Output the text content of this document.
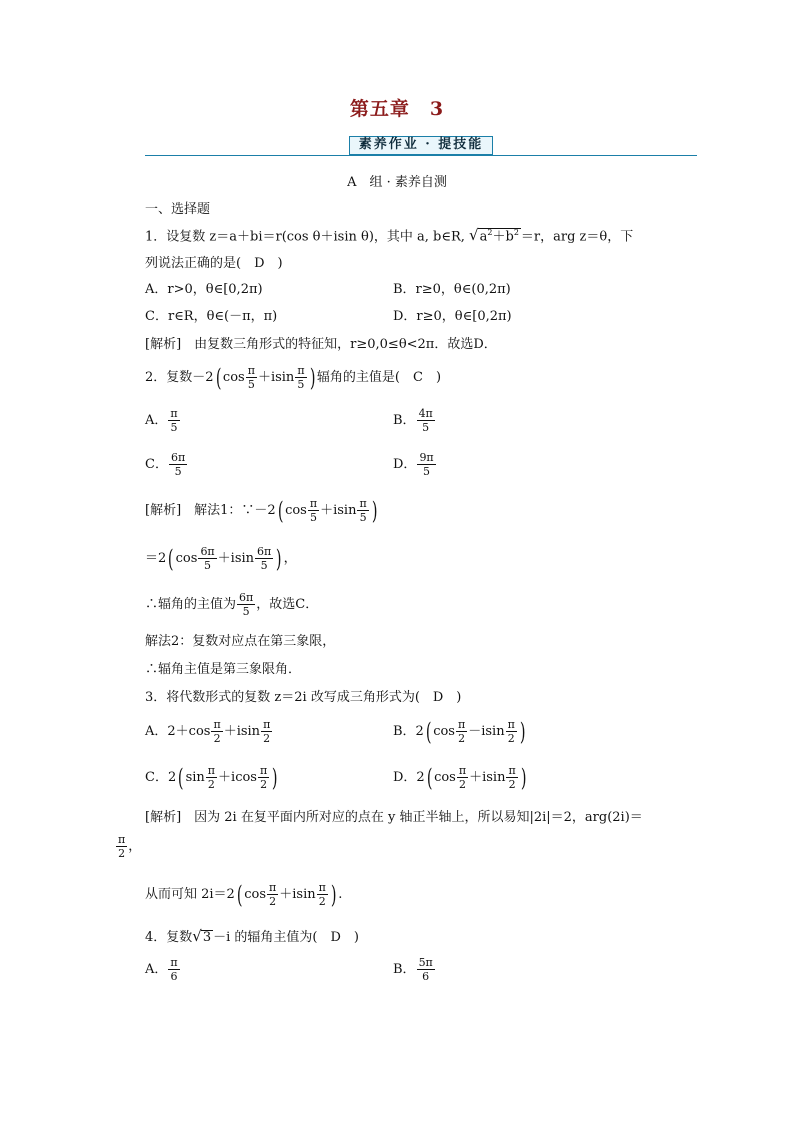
第五章　3
素养作业 · 提技能
A　组 · 素养自测
一、选择题
1．设复数 z＝a＋bi＝r(cos θ＋isin θ)，其中 a, b∈R, $√a^2+b^2 =r$，arg z＝θ，下
列说法正确的是(　D　)
A．r>0，θ∈[0,2π)	B．r≥0，θ∈(0,2π)
C．r∈R，θ∈(－π，π)	D．r≥0，θ∈[0,2π)
[解析]　由复数三角形式的特征知，r≥0,0≤θ<2π．故选D．
2．复数－2 ( $\cos \frac{\pi}{5} +isin \frac{\pi}{5}$ ) 辐角的主值是(　C　)
A． $\frac{\pi}{5}$	B． $\frac{4\pi}{5}$
C． $\frac{6\pi}{5}$	D． $\frac{9\pi}{5}$
[解析]　解法1：∵－2 ( $\cos \frac{\pi}{5} +isin \frac{\pi}{5}$ )
＝2 ( $\cos \frac{6\pi}{5} +isin \frac{6\pi}{5}$ ) ，
∴辐角的主值为 $\frac{6\pi}{5}$ ，故选C．
解法2：复数对应点在第三象限，
∴辐角主值是第三象限角．
3．将代数形式的复数 z＝2i 改写成三角形式为(　D　)
A．$2+\cos \frac{\pi}{2} +isin \frac{\pi}{2}$	B．2 ( $\cos \frac{\pi}{2} -isin \frac{\pi}{2}$ )
C．2 ( $\sin \frac{\pi}{2} +icos \frac{\pi}{2}$ )	D．2 ( $\cos \frac{\pi}{2} +isin \frac{\pi}{2}$ )
[解析]　因为 2i 在复平面内所对应的点在 y 轴正半轴上，所以易知|2i|＝2，arg(2i)＝
$\frac{\pi}{2}$ ，
从而可知 2i＝2 ( $\cos \frac{\pi}{2} +isin \frac{\pi}{2}$ ) .
4．复数√3 －i 的辐角主值为(　D　)
A． $\frac{\pi}{6}$	B． $\frac{5\pi}{6}$
